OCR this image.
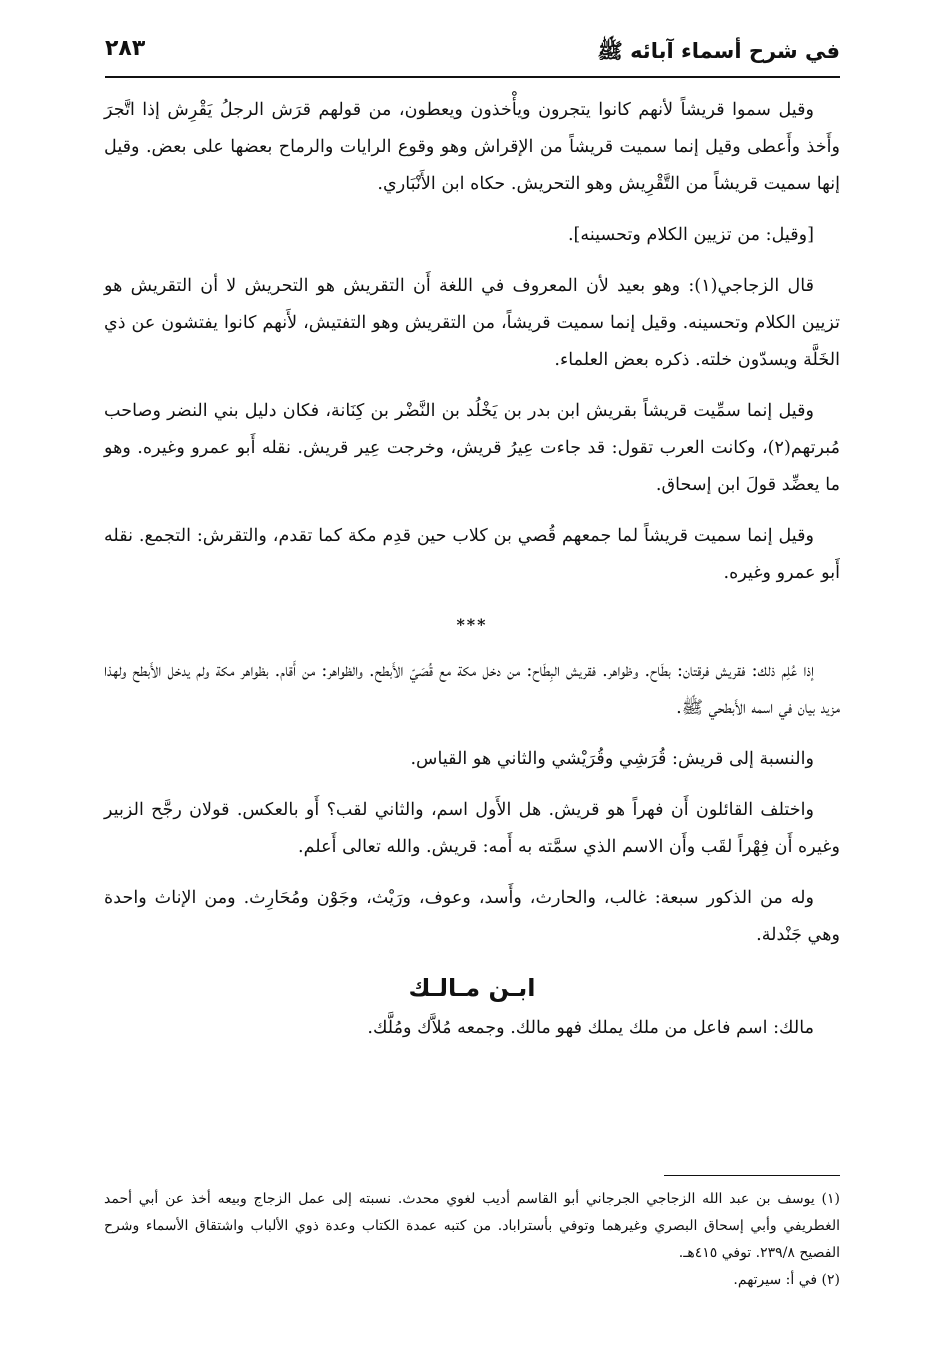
في شرح أسماء آبائه ﷺ
٢٨٣

وقيل سموا قريشاً لأنهم كانوا يتجرون ويأْخذون ويعطون، من قولهم قرَش الرجلُ يَقْرِش إذا اتَّجرَ وأَخذ وأَعطى وقيل إنما سميت قريشاً من الإقراش وهو وقوع الرايات والرماح بعضها على بعض. وقيل إنها سميت قريشاً من التَّقْرِيش وهو التحريش. حكاه ابن الأَنْبَاري.

[وقيل: من تزيين الكلام وتحسينه].

قال الزجاجي(١): وهو بعيد لأن المعروف في اللغة أَن التقريش هو التحريش لا أن التقريش هو تزيين الكلام وتحسينه. وقيل إنما سميت قريشاً، من التقريش وهو التفتيش، لأَنهم كانوا يفتشون عن ذي الخَلَّة ويسدّون خلته. ذكره بعض العلماء.

وقيل إنما سمِّيت قريشاً بقريش ابن بدر بن يَخْلُد بن النَّضْر بن كِنَانة، فكان دليل بني النضر وصاحب مُبرتهم(٢)، وكانت العرب تقول: قد جاءت عِيرُ قريش، وخرجت عِير قريش. نقله أَبو عمرو وغيره. وهو ما يعضِّد قولَ ابن إسحاق.

وقيل إنما سميت قريشاً لما جمعهم قُصي بن كلاب حين قدِم مكة كما تقدم، والتقرش: التجمع. نقله أَبو عمرو وغيره.

***

إذا عُلِم ذلك: فقريش فرقتان: بطَاح. وظواهر. فقريش البِطَاح: من دخل مكة مع قُصَيّ الأَبطح. والظواهر: من أَقام. بظواهر مكة ولم يدخل الأَبطح ولهذا مزيد بيان في اسمه الأَبطحي ﷺ.

والنسبة إلى قريش: قُرَشِي وقُرَيْشي والثاني هو القياس.

واختلف القائلون أَن فهراً هو قريش. هل الأَول اسم، والثاني لقب؟ أَو بالعكس. قولان رجَّح الزبير وغيره أَن فِهْراً لقَب وأَن الاسم الذي سمَّته به أَمه: قريش. والله تعالى أَعلم.

وله من الذكور سبعة: غالب، والحارث، وأَسد، وعوف، ورَيْث، وجَوْن ومُحَارِث. ومن الإناث واحدة وهي جَنْدلة.

ابـن مـالـك

مالك: اسم فاعل من ملك يملك فهو مالك. وجمعه مُلاَّك ومُلَّك.

(١) يوسف بن عبد الله الزجاجي الجرجاني أبو القاسم أديب لغوي محدث. نسبته إلى عمل الزجاج وبيعه أخذ عن أبي أحمد الغطريفي وأبي إسحاق البصري وغيرهما وتوفي بأستراباد. من كتبه عمدة الكتاب وعدة ذوي الألباب واشتقاق الأسماء وشرح الفصيح ٢٣٩/٨. توفي ٤١٥هـ.

(٢) في أ: سيرتهم.
